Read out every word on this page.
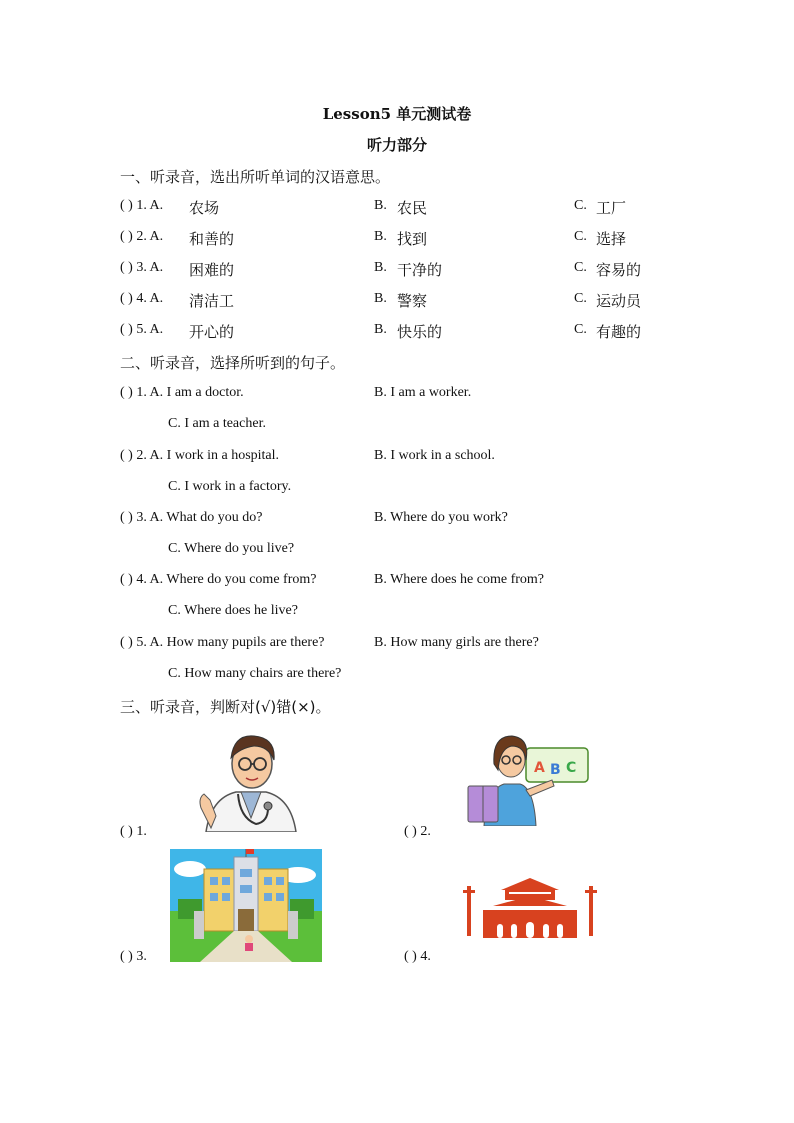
Lesson5 单元测试卷
听力部分
一、听录音，选出所听单词的汉语意思。
( ) 1. A. 农场	B. 农民	C. 工厂
( ) 2. A. 和善的	B. 找到	C. 选择
( ) 3. A. 困难的	B. 干净的	C. 容易的
( ) 4. A. 清洁工	B. 警察	C. 运动员
( ) 5. A. 开心的	B. 快乐的	C. 有趣的
二、听录音，选择所听到的句子。
( ) 1. A. I am a doctor.	B. I am a worker.
C. I am a teacher.
( ) 2. A. I work in a hospital.	B. I work in a school.
C. I work in a factory.
( ) 3. A. What do you do?	B. Where do you work?
C. Where do you live?
( ) 4. A. Where do you come from?	B. Where does he come from?
C. Where does he live?
( ) 5. A. How many pupils are there?	B. How many girls are there?
C. How many chairs are there?
三、听录音，判断对(√)错(×)。
( ) 1.	( ) 2.
( ) 3.	( ) 4.
A B C
